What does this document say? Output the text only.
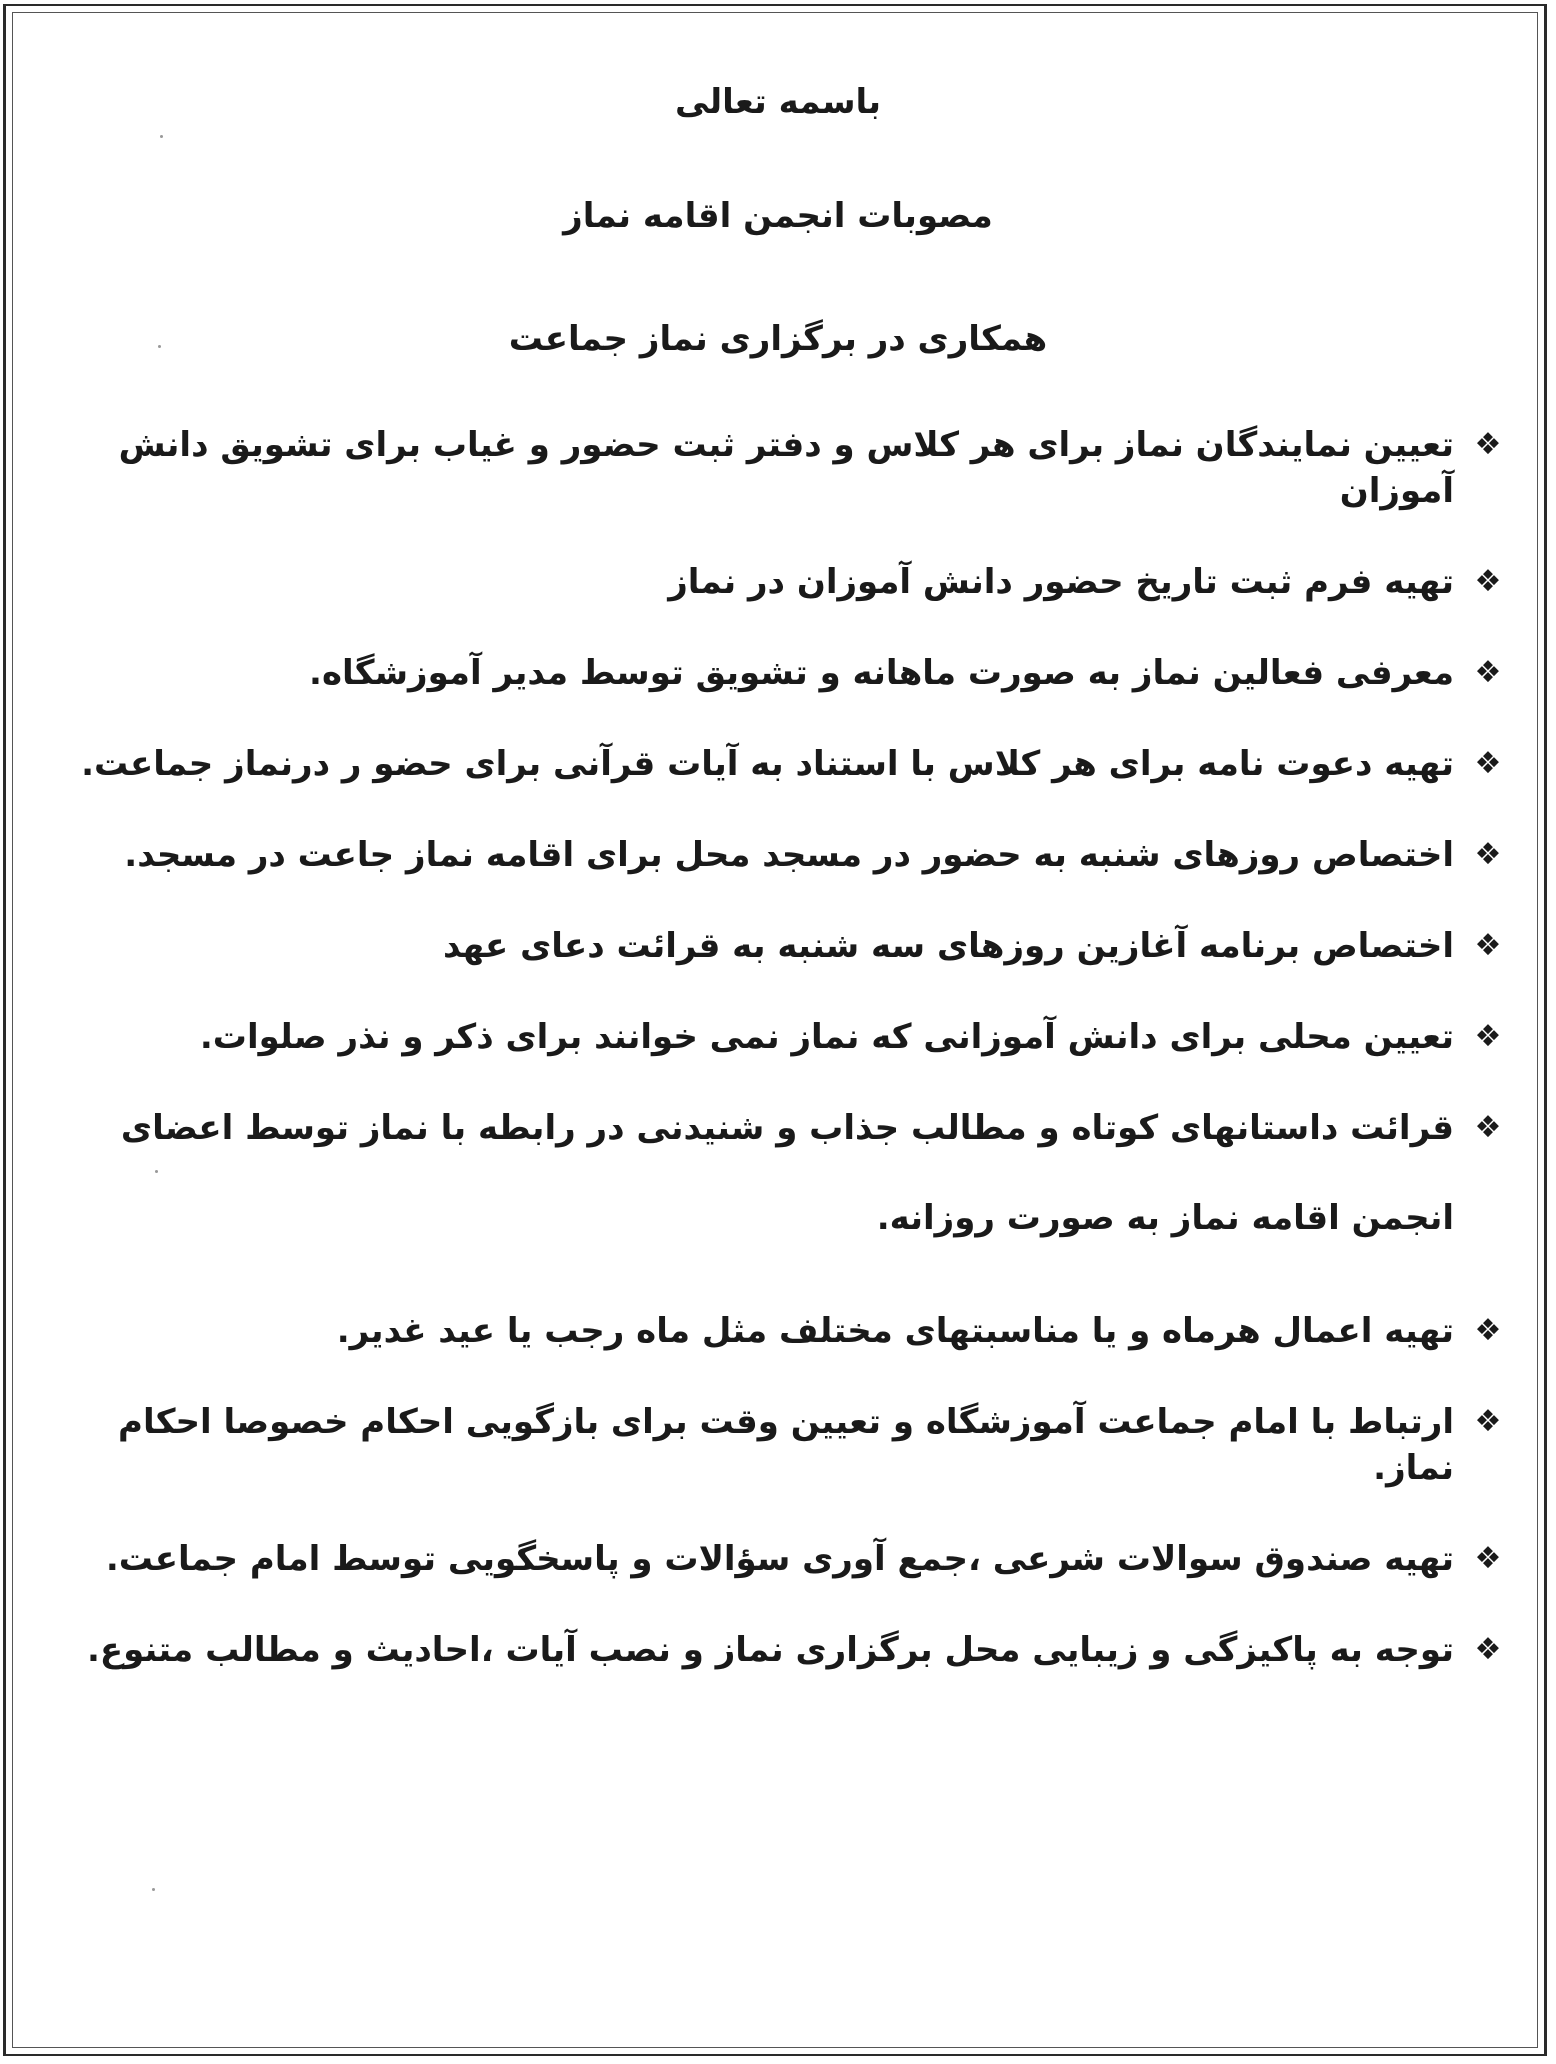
باسمه تعالی
مصوبات انجمن اقامه نماز
همکاری در برگزاری نماز جماعت
❖
تعیین نمایندگان نماز برای هر کلاس و دفتر ثبت حضور و غیاب برای تشویق دانش آموزان
❖
تهیه فرم ثبت تاریخ حضور دانش آموزان در نماز
❖
معرفی فعالین نماز به صورت ماهانه و تشویق توسط مدیر آموزشگاه.
❖
تهیه دعوت نامه برای هر کلاس با استناد به آیات قرآنی برای حضو ر درنماز جماعت.
❖
اختصاص روزهای شنبه به حضور در مسجد محل برای اقامه نماز جاعت در مسجد.
❖
اختصاص برنامه آغازین روزهای سه شنبه به قرائت دعای عهد
❖
تعیین محلی برای دانش آموزانی که نماز نمی خوانند برای ذکر و نذر صلوات.
❖
قرائت داستانهای کوتاه و مطالب جذاب و شنیدنی در رابطه با نماز توسط اعضای انجمن اقامه نماز به صورت روزانه.
❖
تهیه اعمال هرماه و یا مناسبتهای مختلف مثل ماه رجب یا عید غدیر.
❖
ارتباط با امام جماعت آموزشگاه و تعیین وقت برای بازگویی احکام خصوصا احکام نماز.
❖
تهیه صندوق سوالات شرعی ،جمع آوری سؤالات و پاسخگویی توسط امام جماعت.
❖
توجه به پاکیزگی و زیبایی محل برگزاری نماز و نصب آیات ،احادیث و مطالب متنوع.
